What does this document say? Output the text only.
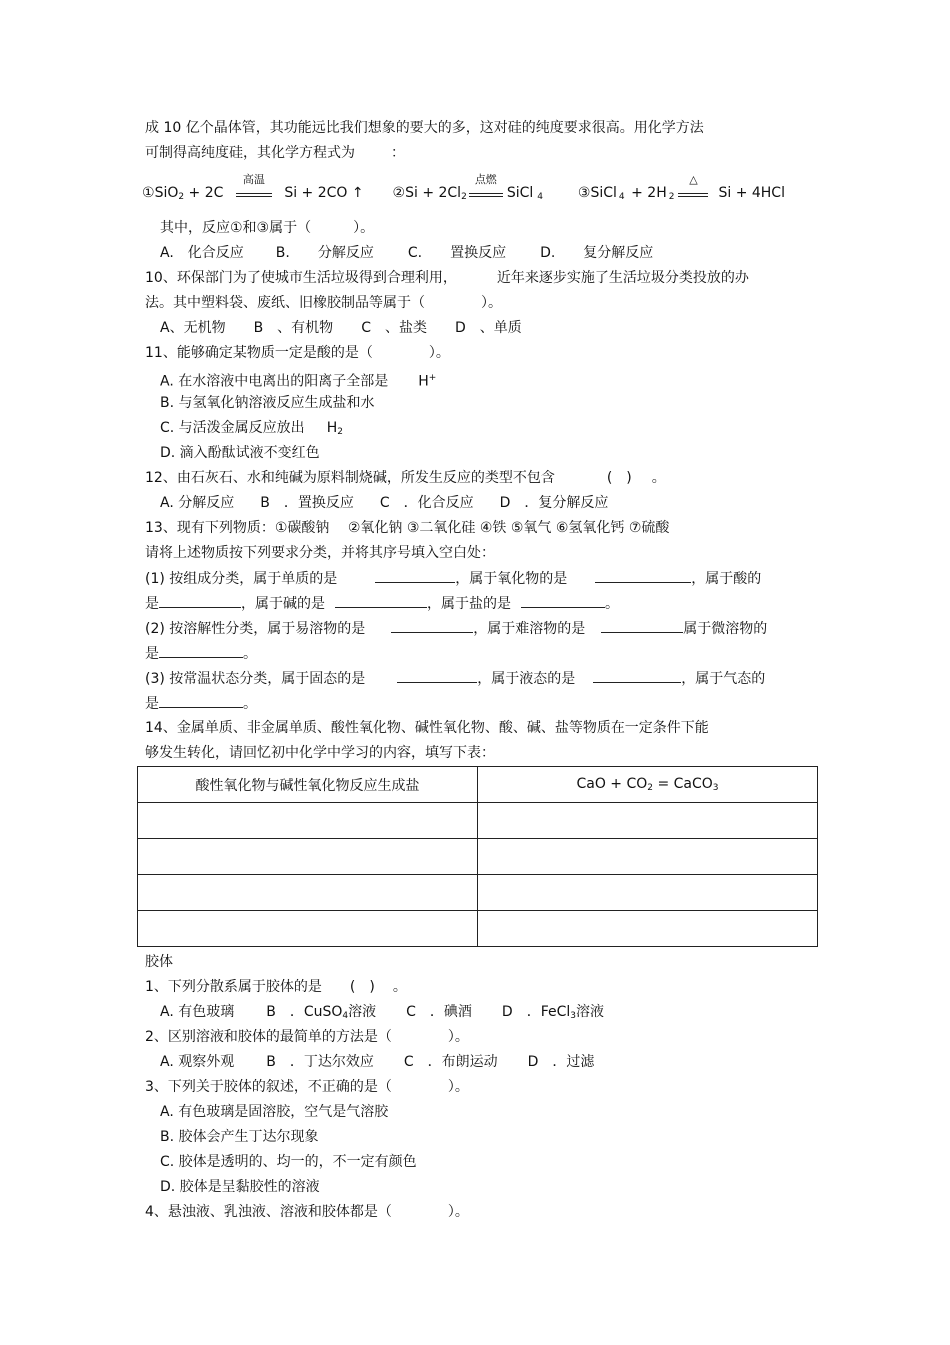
成 10 亿个晶体管，其功能远比我们想象的要大的多，这对硅的纯度要求很高。用化学方法
可制得高纯度硅，其化学方程式为	：
①SiO$_2$ + 2C
高温
Si + 2CO ↑ ②Si + $2Cl_2$
点燃
SiCl $_4$ ③SiCl $_4$ + 2H $_2$
△
Si + 4HCl
其中，反应①和③属于（　　　）。
A.　化合反应 B.　　分解反应 C.　　置换反应 D.　　复分解反应
10、环保部门为了使城市生活垃圾得到合理利用，	近年来逐步实施了生活垃圾分类投放的办
法。其中塑料袋、废纸、旧橡胶制品等属于（　　　　）。
A、无机物 B　、有机物 C　、盐类 D　、单质
11、能够确定某物质一定是酸的是（　　　　）。
A. 在水溶液中电离出的阳离子全部是 H+
B. 与氢氧化钠溶液反应生成盐和水
C. 与活泼金属反应放出 $H_2$
D. 滴入酚酞试液不变红色
12、由石灰石、水和纯碱为原料制烧碱，所发生反应的类型不包含	(　) 。
A. 分解反应 B　．置换反应 C　．化合反应 D　．复分解反应
13、现有下列物质：①碳酸钠　 ②氧化钠 ③二氧化硅 ④铁 ⑤氧气 ⑥氢氧化钙 ⑦硫酸
请将上述物质按下列要求分类，并将其序号填入空白处：
(1) 按组成分类，属于单质的是	，属于氧化物的是	，属于酸的
是	，属于碱的是	，属于盐的是	。
(2) 按溶解性分类，属于易溶物的是	，属于难溶物的是	属于微溶物的
是	。
(3) 按常温状态分类，属于固态的是	，属于液态的是	，属于气态的
是	。
14、金属单质、非金属单质、酸性氧化物、碱性氧化物、酸、碱、盐等物质在一定条件下能
够发生转化，请回忆初中化学中学习的内容，填写下表：
酸性氧化物与碱性氧化物反应生成盐	CaO + $CO_2$ = CaCO$_3$

胶体
1、下列分散系属于胶体的是 (　) 。
A. 有色玻璃 B　．CuSO$_4$溶液 C　．碘酒 D　．FeCl$_3$溶液
2、区别溶液和胶体的最简单的方法是（　　　　）。
A. 观察外观 B　．丁达尔效应 C　．布朗运动 D　．过滤
3、下列关于胶体的叙述，不正确的是（　　　　）。
A. 有色玻璃是固溶胶，空气是气溶胶
B. 胶体会产生丁达尔现象
C. 胶体是透明的、均一的，不一定有颜色
D. 胶体是呈黏胶性的溶液
4、悬浊液、乳浊液、溶液和胶体都是（　　　　）。
